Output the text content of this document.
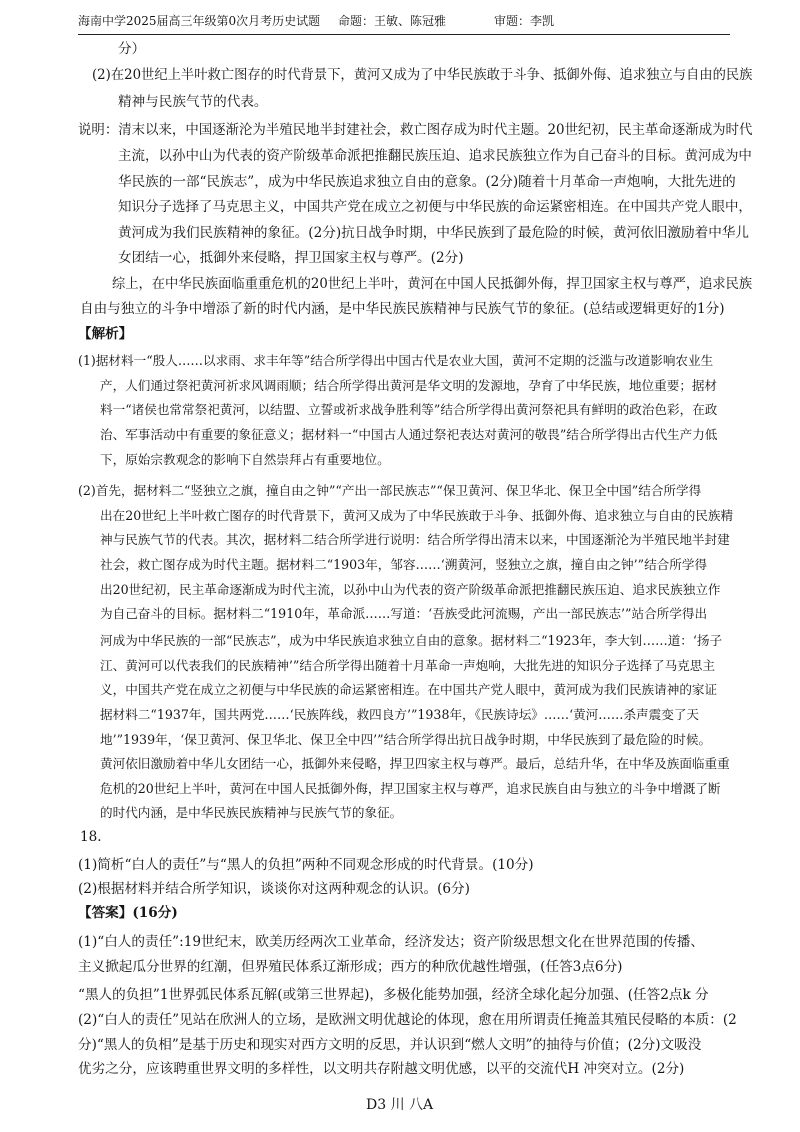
海南中学2025届高三年级第0次月考历史试题 命题：王敏、陈冠雅	审题：李凯
分）
(2)在20世纪上半叶救亡图存的时代背景下，黄河又成为了中华民族敢于斗争、抵御外侮、追求独立与自由的民族
精神与民族气节的代表。
说明：清末以来，中国逐渐沦为半殖民地半封建社会，救亡图存成为时代主题。20世纪初，民主革命逐渐成为时代
主流，以孙中山为代表的资产阶级革命派把推翻民族压迫、追求民族独立作为自己奋斗的目标。黄河成为中
华民族的一部“民族志”，成为中华民族追求独立自由的意象。(2分)随着十月革命一声炮响，大批先进的
知识分子选择了马克思主义，中国共产党在成立之初便与中华民族的命运紧密相连。在中国共产党人眼中，
黄河成为我们民族精神的象征。(2分)抗日战争时期，中华民族到了最危险的时候，黄河依旧激励着中华儿
女团结一心，抵御外来侵略，捍卫国家主权与尊严。(2分)
综上，在中华民族面临重重危机的20世纪上半叶，黄河在中国人民抵御外侮，捍卫国家主权与尊严，追求民族
自由与独立的斗争中增添了新的时代内涵，是中华民族民族精神与民族气节的象征。(总结或逻辑更好的1分)
【解析】
(1)据材料一“殷人……以求雨、求丰年等”结合所学得出中国古代是农业大国，黄河不定期的泛滥与改道影响农业生
产，人们通过祭祀黄河祈求风调雨顺；结合所学得出黄河是华文明的发源地，孕育了中华民族，地位重要；据材
料一“诸侯也常常祭祀黄河，以结盟、立誓或祈求战争胜利等”结合所学得出黄河祭祀具有鲜明的政治色彩，在政
治、军事活动中有重要的象征意义；据材料一“中国古人通过祭祀表达对黄河的敬畏”结合所学得出古代生产力低
下，原始宗教观念的影响下自然崇拜占有重要地位。
(2)首先，据材料二“竖独立之旗，撞自由之钟”“产出一部民族志”“保卫黄河、保卫华北、保卫全中国”结合所学得
出在20世纪上半叶救亡图存的时代背景下，黄河又成为了中华民族敢于斗争、抵御外侮、追求独立与自由的民族精
神与民族气节的代表。其次，据材料二结合所学进行说明：结合所学得出清末以来，中国逐渐沦为半殖民地半封建
社会，救亡图存成为时代主题。据材料二“1903年，邹容……‘溯黄河，竖独立之旗，撞自由之钟’”结合所学得
出20世纪初，民主革命逐渐成为时代主流，以孙中山为代表的资产阶级革命派把推翻民族压迫、追求民族独立作
为自己奋斗的目标。据材料二“1910年，革命派……写道：‘吾族受此河流赐，产出一部民族志’”站合所学得出
河成为中华民族的一部“民族志”，成为中华民族追求独立自由的意象。据材料二“1923年，李大钊……道：‘扬子
江、黄河可以代表我们的民族精神’”结合所学得出随着十月革命一声炮响，大批先进的知识分子选择了马克思主
义，中国共产党在成立之初便与中华民族的命运紧密相连。在中国共产党人眼中，黄河成为我们民族请神的家证
据材料二“1937年，国共两党……‘民族阵线，救四良方’”1938年，《民族诗坛》……‘黄河……杀声震变了天
地’”1939年，‘保卫黄河、保卫华北、保卫全中四’”结合所学得出抗日战争时期，中华民族到了最危险的时候。
黄河依旧激励着中华儿女团结一心，抵御外来侵略，捍卫四家主权与尊严。最后，总结升华，在中华及族面临重重
危机的20世纪上半叶，黄河在中国人民抵御外侮，捍卫国家主权与尊严，追求民族自由与独立的斗争中增溉了断
的时代内涵，是中华民族民族精神与民族气节的象征。
18.
(1)简析“白人的责任”与“黑人的负担”两种不同观念形成的时代背景。(10分)
(2)根据材料并结合所学知识，谈谈你对这两种观念的认识。(6分)
【答案】(16分)
(1)“白人的责任”:19世纪末，欧美历经两次工业革命，经济发达；资产阶级思想文化在世界范围的传播、
主义掀起瓜分世界的红潮，但界殖民体系辽渐形成；西方的种欣优越性增强，(任答3点6分)
“黑人的负担”1世界弧民体系瓦解(或第三世界起)，多极化能势加强，经济全球化起分加强、(任答2点k 分
(2)“白人的责任”见站在欣洲人的立场，是欧洲文明优越论的体现，愈在用所谓责任掩盖其殖民侵略的本质：(2
分)“黑人的负相”是基于历史和现实对西方文明的反思，并认识到“燃人文明”的抽待与价值；(2分)文吸没
优劣之分，应该聘重世界文明的多样性，以文明共存附越文明优感，以平的交流代H 冲突对立。(2分)
D3 川 八A
